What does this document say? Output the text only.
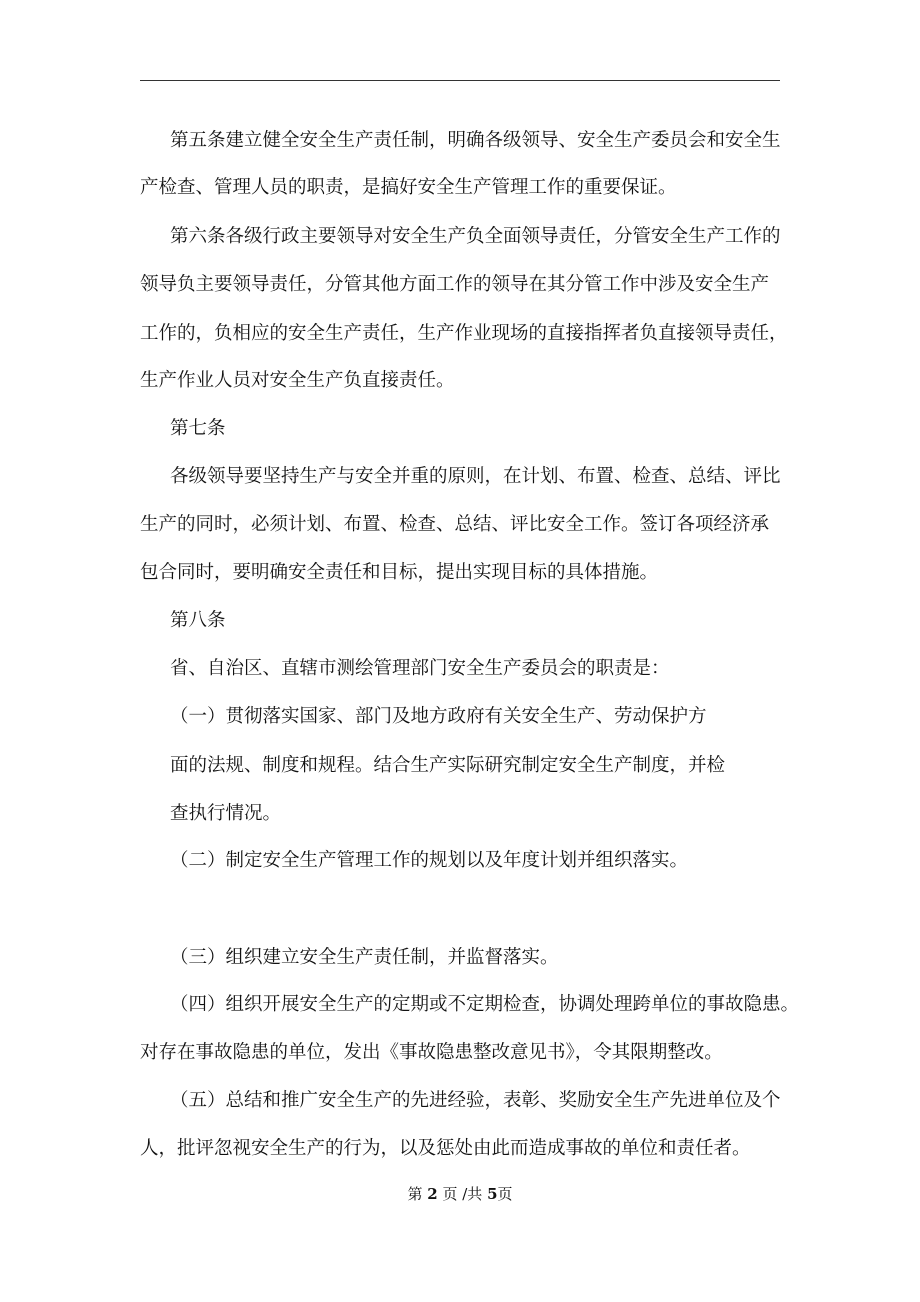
第五条建立健全安全生产责任制，明确各级领导、安全生产委员会和安全生
产检查、管理人员的职责，是搞好安全生产管理工作的重要保证。
第六条各级行政主要领导对安全生产负全面领导责任，分管安全生产工作的
领导负主要领导责任，分管其他方面工作的领导在其分管工作中涉及安全生产
工作的，负相应的安全生产责任，生产作业现场的直接指挥者负直接领导责任，
生产作业人员对安全生产负直接责任。
第七条
各级领导要坚持生产与安全并重的原则，在计划、布置、检查、总结、评比
生产的同时，必须计划、布置、检查、总结、评比安全工作。签订各项经济承
包合同时，要明确安全责任和目标，提出实现目标的具体措施。
第八条
省、自治区、直辖市测绘管理部门安全生产委员会的职责是：
（一）贯彻落实国家、部门及地方政府有关安全生产、劳动保护方
面的法规、制度和规程。结合生产实际研究制定安全生产制度，并检
查执行情况。
（二）制定安全生产管理工作的规划以及年度计划并组织落实。
（三）组织建立安全生产责任制，并监督落实。
（四）组织开展安全生产的定期或不定期检查，协调处理跨单位的事故隐患。
对存在事故隐患的单位，发出《事故隐患整改意见书》，令其限期整改。
（五）总结和推广安全生产的先进经验，表彰、奖励安全生产先进单位及个
人，批评忽视安全生产的行为，以及惩处由此而造成事故的单位和责任者。
第 2 页 /共 5页
